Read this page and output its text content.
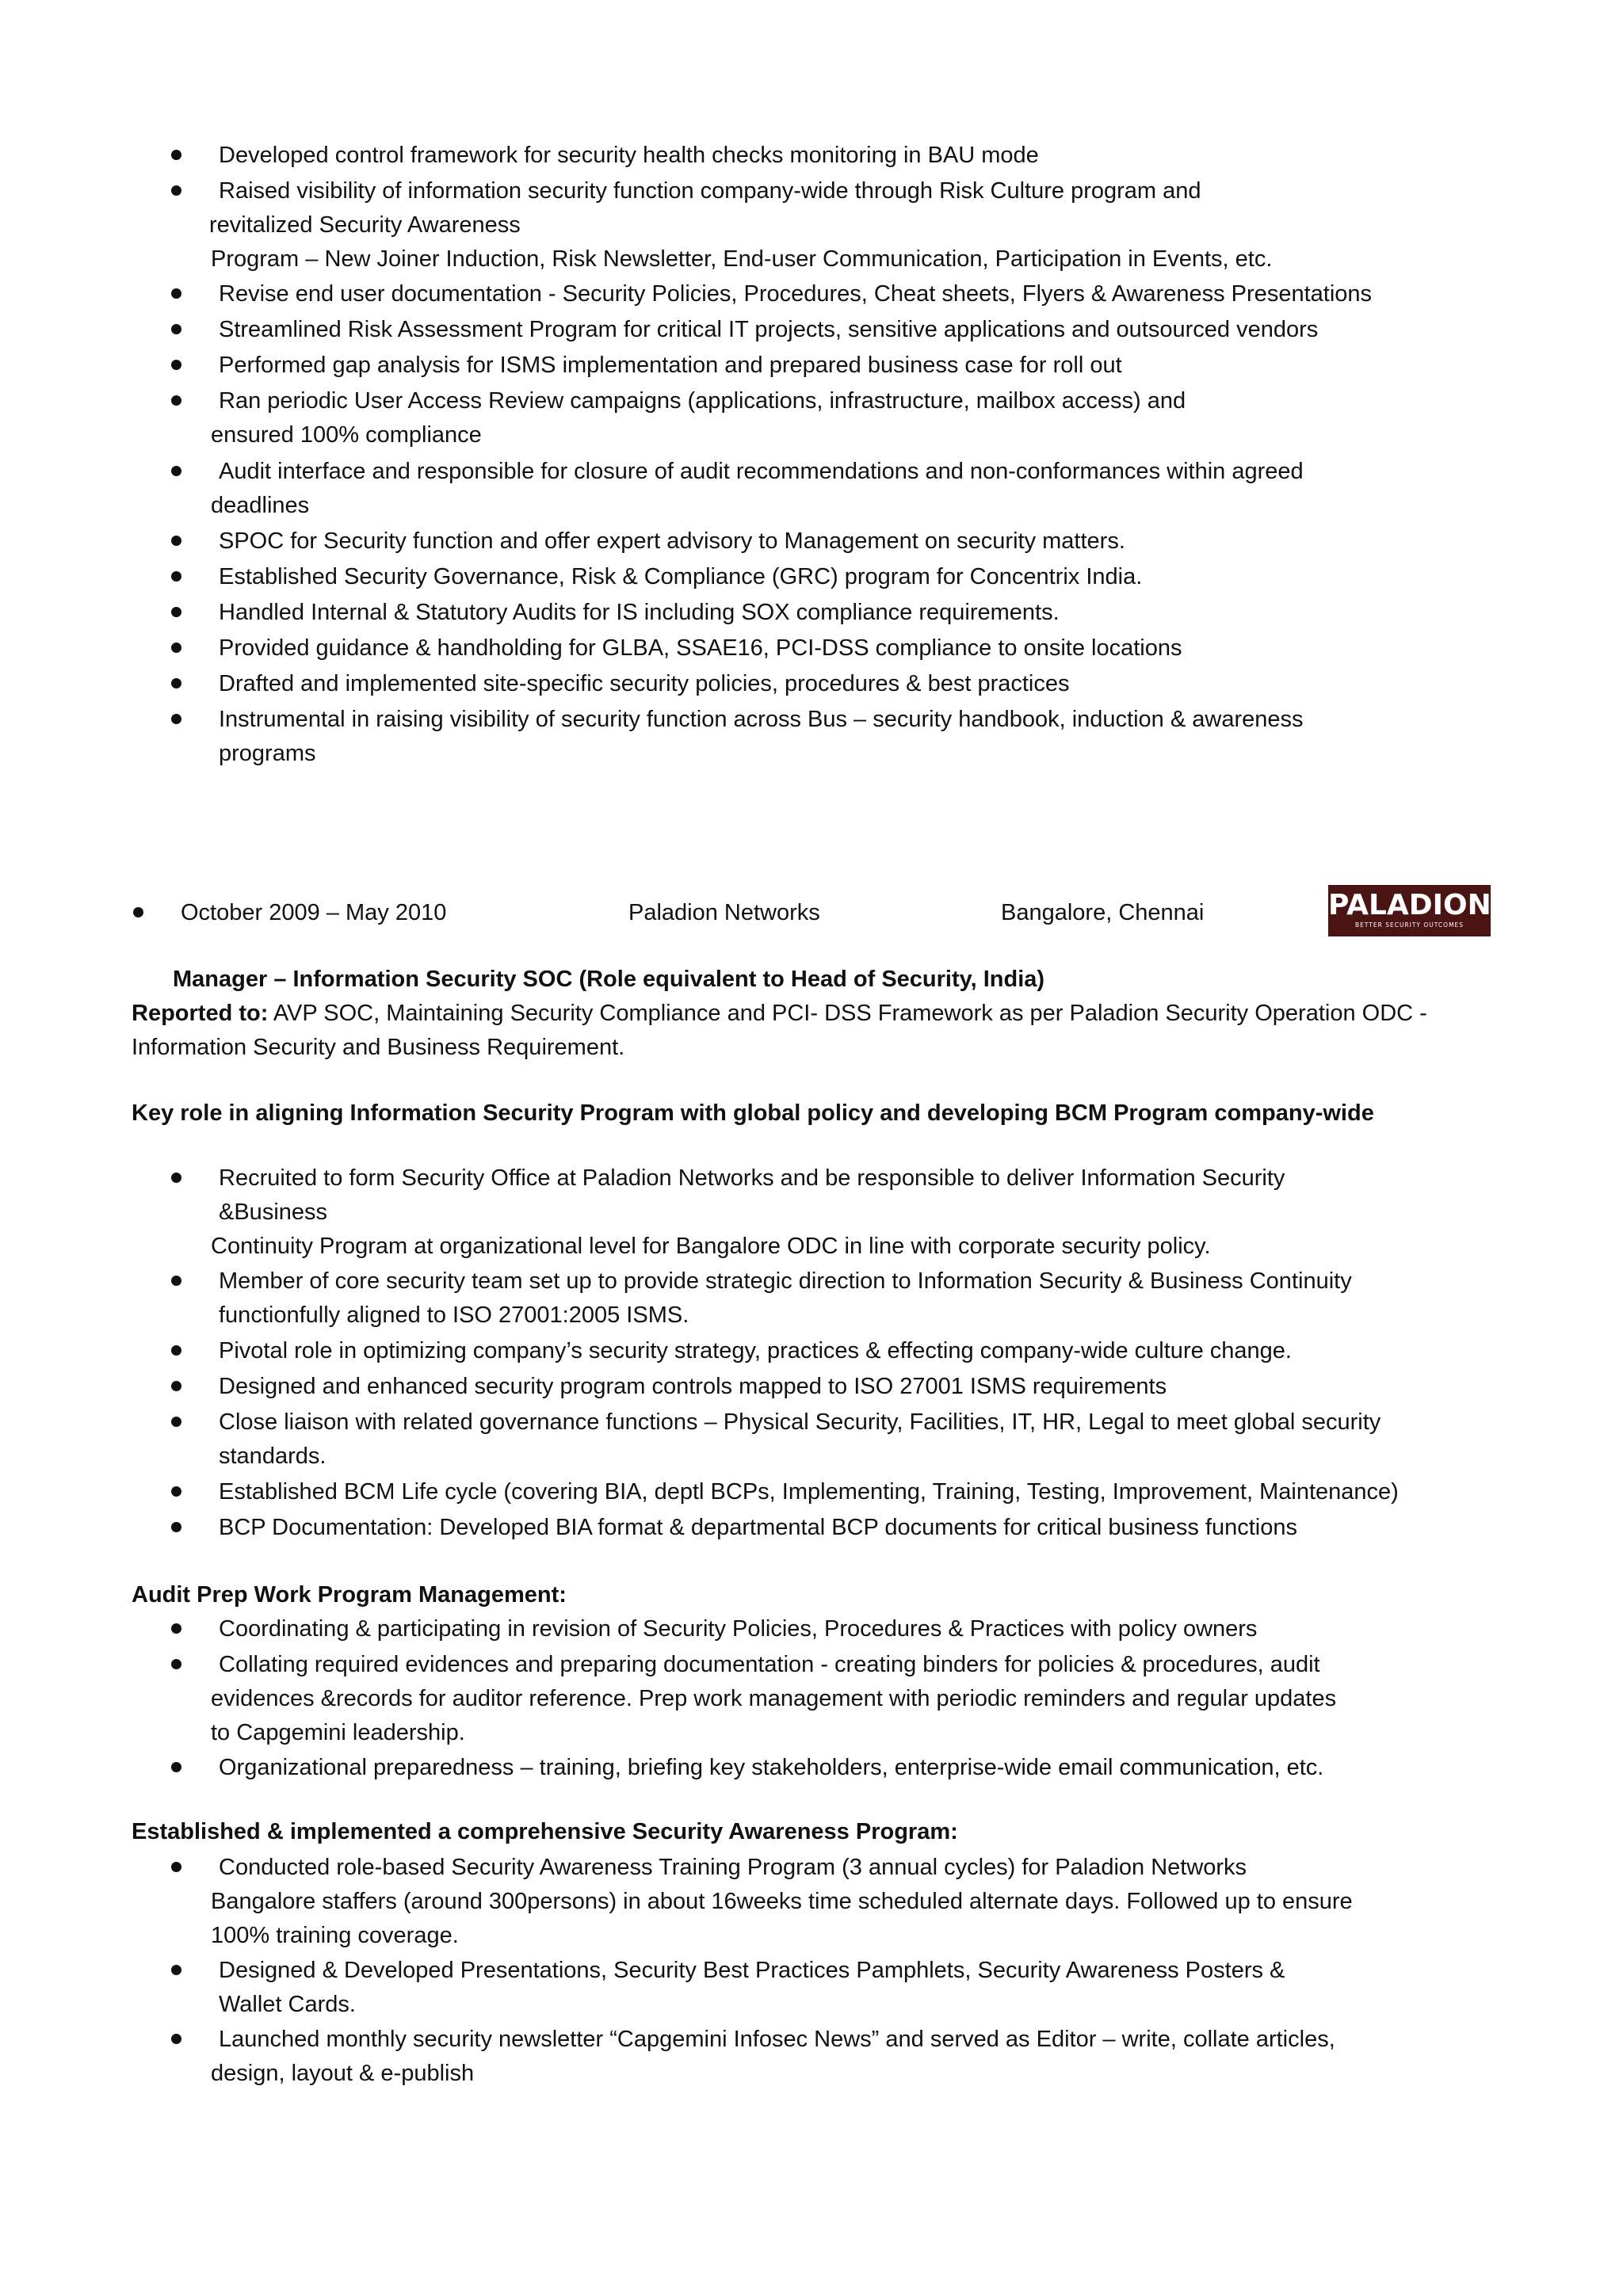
Developed control framework for security health checks monitoring in BAU mode

Raised visibility of information security function company-wide through Risk Culture program and

revitalized Security Awareness

Program – New Joiner Induction, Risk Newsletter, End-user Communication, Participation in Events, etc.

Revise end user documentation - Security Policies, Procedures, Cheat sheets, Flyers & Awareness Presentations

Streamlined Risk Assessment Program for critical IT projects, sensitive applications and outsourced vendors

Performed gap analysis for ISMS implementation and prepared business case for roll out

Ran periodic User Access Review campaigns (applications, infrastructure, mailbox access) and

ensured 100% compliance

Audit interface and responsible for closure of audit recommendations and non-conformances within agreed

deadlines

SPOC for Security function and offer expert advisory to Management on security matters.

Established Security Governance, Risk & Compliance (GRC) program for Concentrix India.

Handled Internal & Statutory Audits for IS including SOX compliance requirements.

Provided guidance & handholding for GLBA, SSAE16, PCI-DSS compliance to onsite locations

Drafted and implemented site-specific security policies, procedures & best practices

Instrumental in raising visibility of security function across Bus – security handbook, induction & awareness

programs

October 2009 – May 2010	Paladion Networks	Bangalore, Chennai	PALADION
BETTER SECURITY OUTCOMES

Manager – Information Security SOC (Role equivalent to Head of Security, India)

Reported to: AVP SOC, Maintaining Security Compliance and PCI- DSS Framework as per Paladion Security Operation ODC -

Information Security and Business Requirement.

Key role in aligning Information Security Program with global policy and developing BCM Program company-wide

Recruited to form Security Office at Paladion Networks and be responsible to deliver Information Security

&Business

Continuity Program at organizational level for Bangalore ODC in line with corporate security policy.

Member of core security team set up to provide strategic direction to Information Security & Business Continuity

functionfully aligned to ISO 27001:2005 ISMS.

Pivotal role in optimizing company’s security strategy, practices & effecting company-wide culture change.

Designed and enhanced security program controls mapped to ISO 27001 ISMS requirements

Close liaison with related governance functions – Physical Security, Facilities, IT, HR, Legal to meet global security

standards.

Established BCM Life cycle (covering BIA, deptl BCPs, Implementing, Training, Testing, Improvement, Maintenance)

BCP Documentation: Developed BIA format & departmental BCP documents for critical business functions

Audit Prep Work Program Management:

Coordinating & participating in revision of Security Policies, Procedures & Practices with policy owners

Collating required evidences and preparing documentation - creating binders for policies & procedures, audit

evidences &records for auditor reference. Prep work management with periodic reminders and regular updates

to Capgemini leadership.

Organizational preparedness – training, briefing key stakeholders, enterprise-wide email communication, etc.

Established & implemented a comprehensive Security Awareness Program:

Conducted role-based Security Awareness Training Program (3 annual cycles) for Paladion Networks

Bangalore staffers (around 300persons) in about 16weeks time scheduled alternate days. Followed up to ensure

100% training coverage.

Designed & Developed Presentations, Security Best Practices Pamphlets, Security Awareness Posters &

Wallet Cards.

Launched monthly security newsletter “Capgemini Infosec News” and served as Editor – write, collate articles,

design, layout & e-publish
